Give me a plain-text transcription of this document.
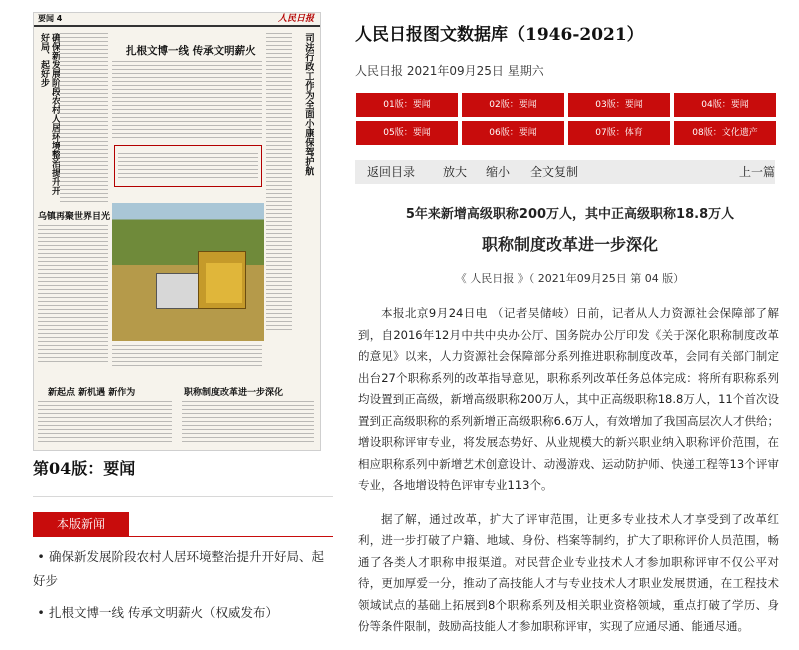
要闻 4	人民日报
确保新发展阶段农村人居环境整治提升开好局、起好步	扎根文博一线 传承文明薪火	司法行政工作为全面小康保驾护航
乌镇再聚世界目光
新起点 新机遇 新作为	职称制度改革进一步深化
第04版：要闻
本版新闻
• 确保新发展阶段农村人居环境整治提升开好局、起好步
• 扎根文博一线 传承文明薪火（权威发布）
人民日报图文数据库（1946-2021）
人民日报 2021年09月25日 星期六
01版：要闻	02版：要闻	03版：要闻	04版：要闻
05版：要闻	06版：要闻	07版：体育	08版：文化遗产
返回目录 放大 缩小 全文复制	上一篇
5年来新增高级职称200万人，其中正高级职称18.8万人
职称制度改革进一步深化
《 人民日报 》（ 2021年09月25日 第 04 版）

本报北京9月24日电 （记者吴储岐）日前，记者从人力资源社会保障部了解到，自2016年12月中共中央办公厅、国务院办公厅印发《关于深化职称制度改革的意见》以来，人力资源社会保障部分系列推进职称制度改革，会同有关部门制定出台27个职称系列的改革指导意见，职称系列改革任务总体完成：将所有职称系列均设置到正高级，新增高级职称200万人，其中正高级职称18.8万人，11个首次设置到正高级职称的系列新增正高级职称6.6万人，有效增加了我国高层次人才供给；增设职称评审专业，将发展态势好、从业规模大的新兴职业纳入职称评价范围，在相应职称系列中新增艺术创意设计、动漫游戏、运动防护师、快递工程等13个评审专业，各地增设特色评审专业113个。

据了解，通过改革，扩大了评审范围，让更多专业技术人才享受到了改革红利，进一步打破了户籍、地域、身份、档案等制约，扩大了职称评价人员范围，畅通了各类人才职称申报渠道。对民营企业专业技术人才参加职称评审不仅公平对待，更加厚爱一分，推动了高技能人才与专业技术人才职业发展贯通，在工程技术领域试点的基础上拓展到8个职称系列及相关职业资格领域，重点打破了学历、身份等条件限制，鼓励高技能人才参加职称评审，实现了应通尽通、能通尽通。
